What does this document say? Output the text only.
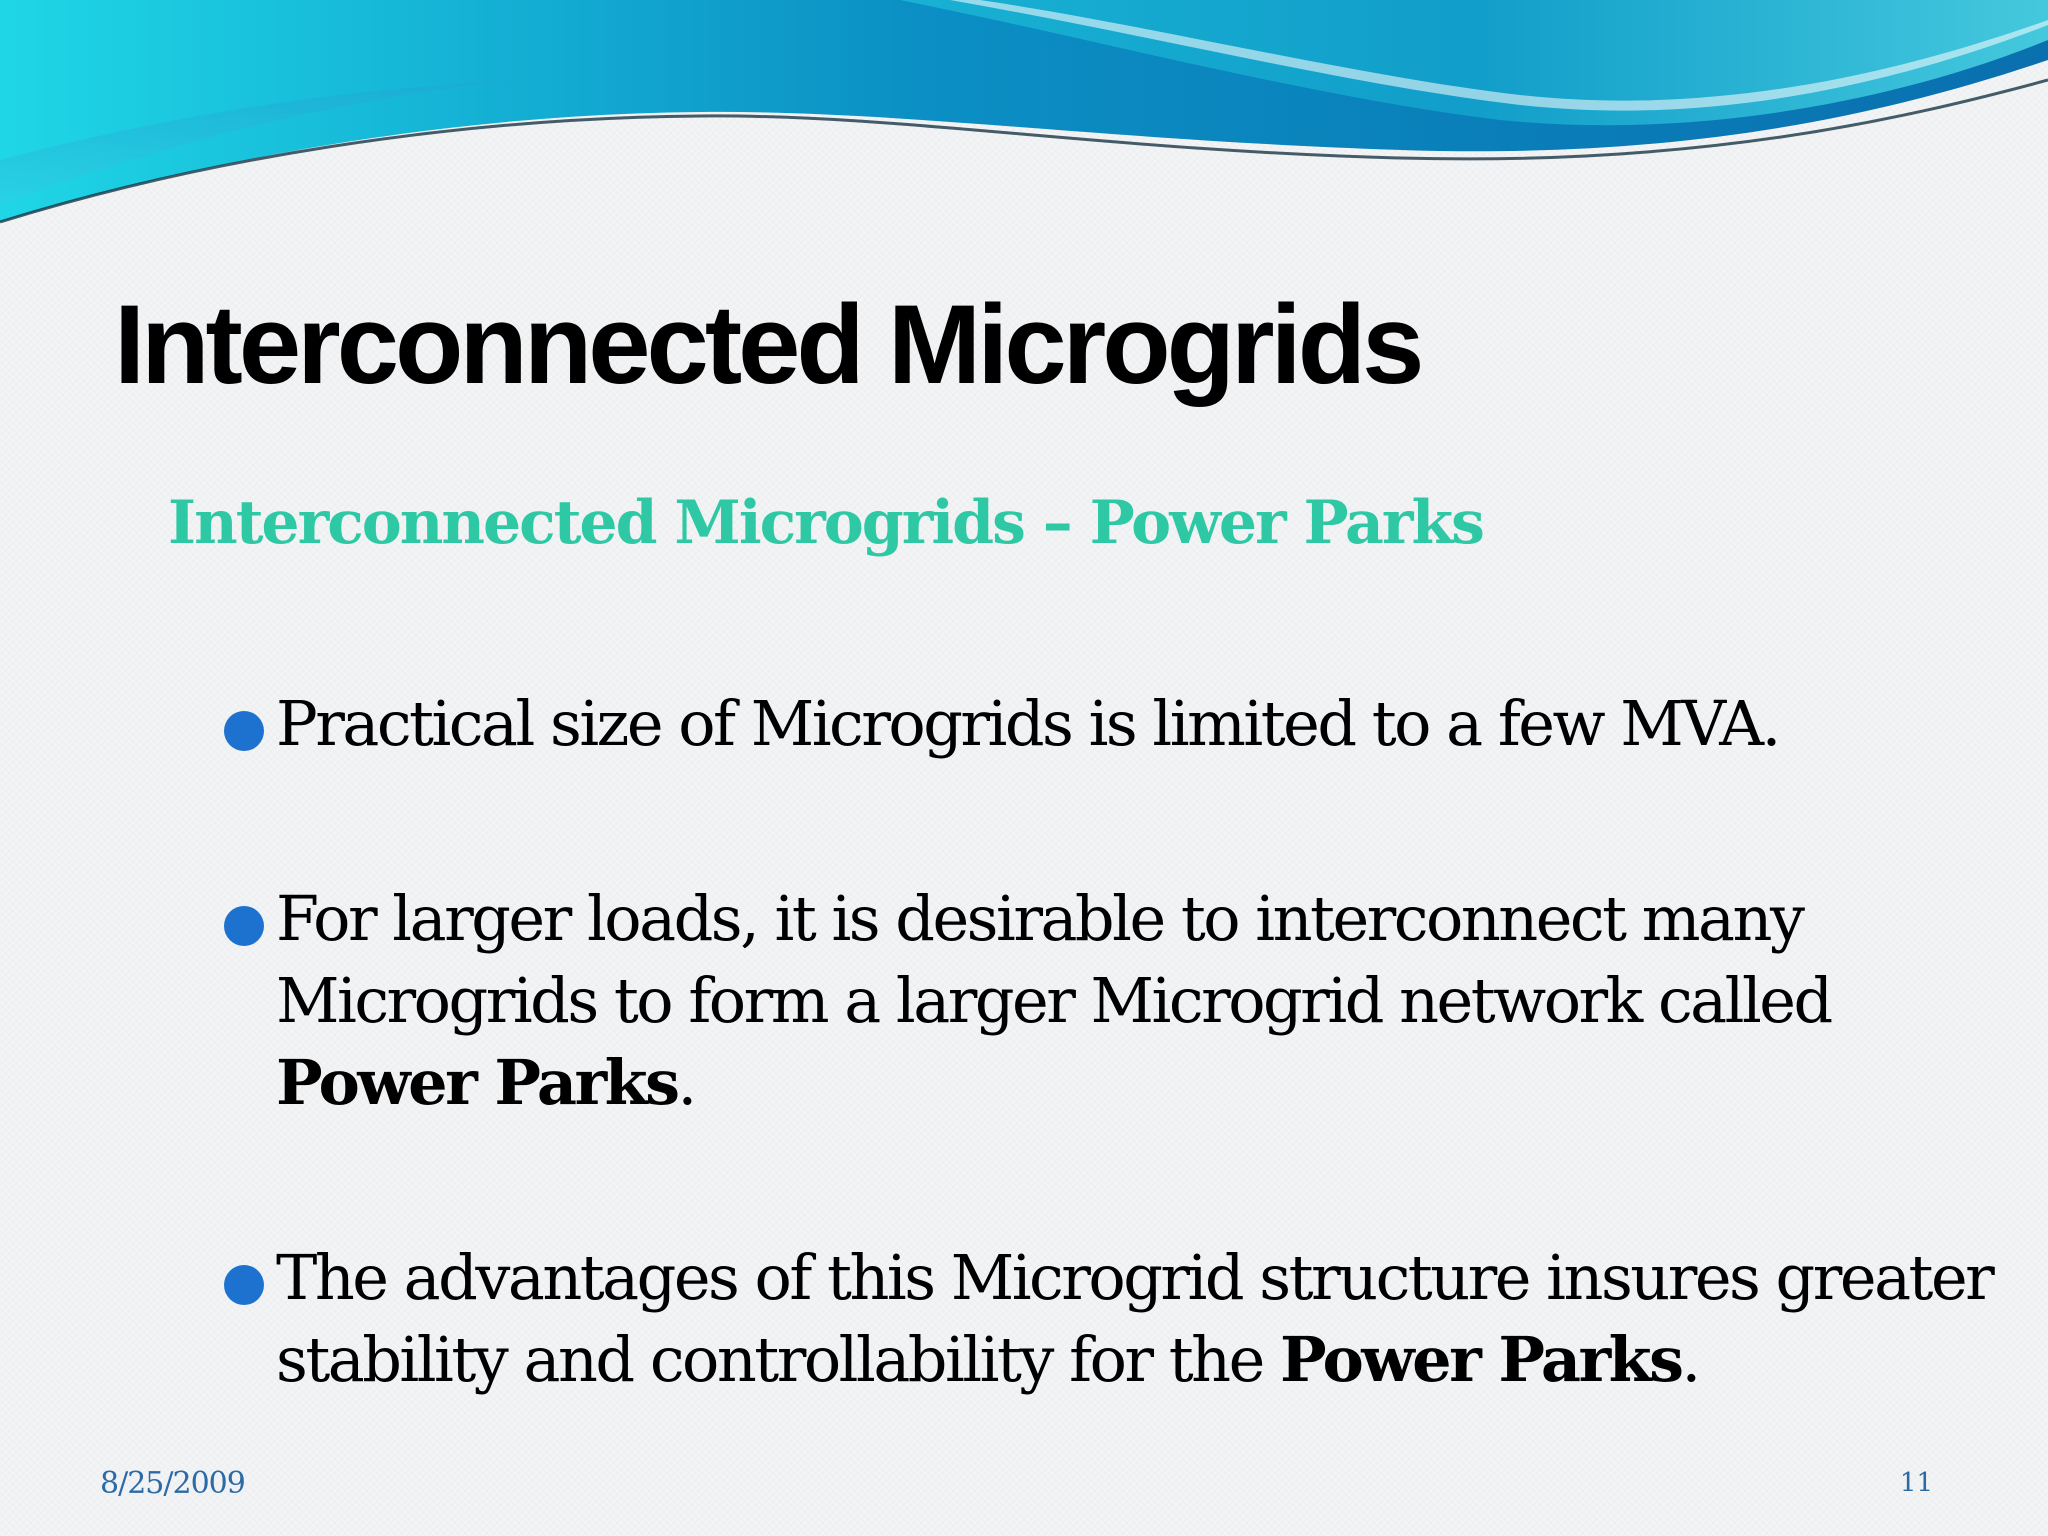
Interconnected Microgrids
Interconnected Microgrids – Power Parks
Practical size of Microgrids is limited to a few MVA.
For larger loads, it is desirable to interconnect many Microgrids to form a larger Microgrid network called Power Parks.
The advantages of this Microgrid structure insures greater stability and controllability for the Power Parks.
8/25/2009	11
